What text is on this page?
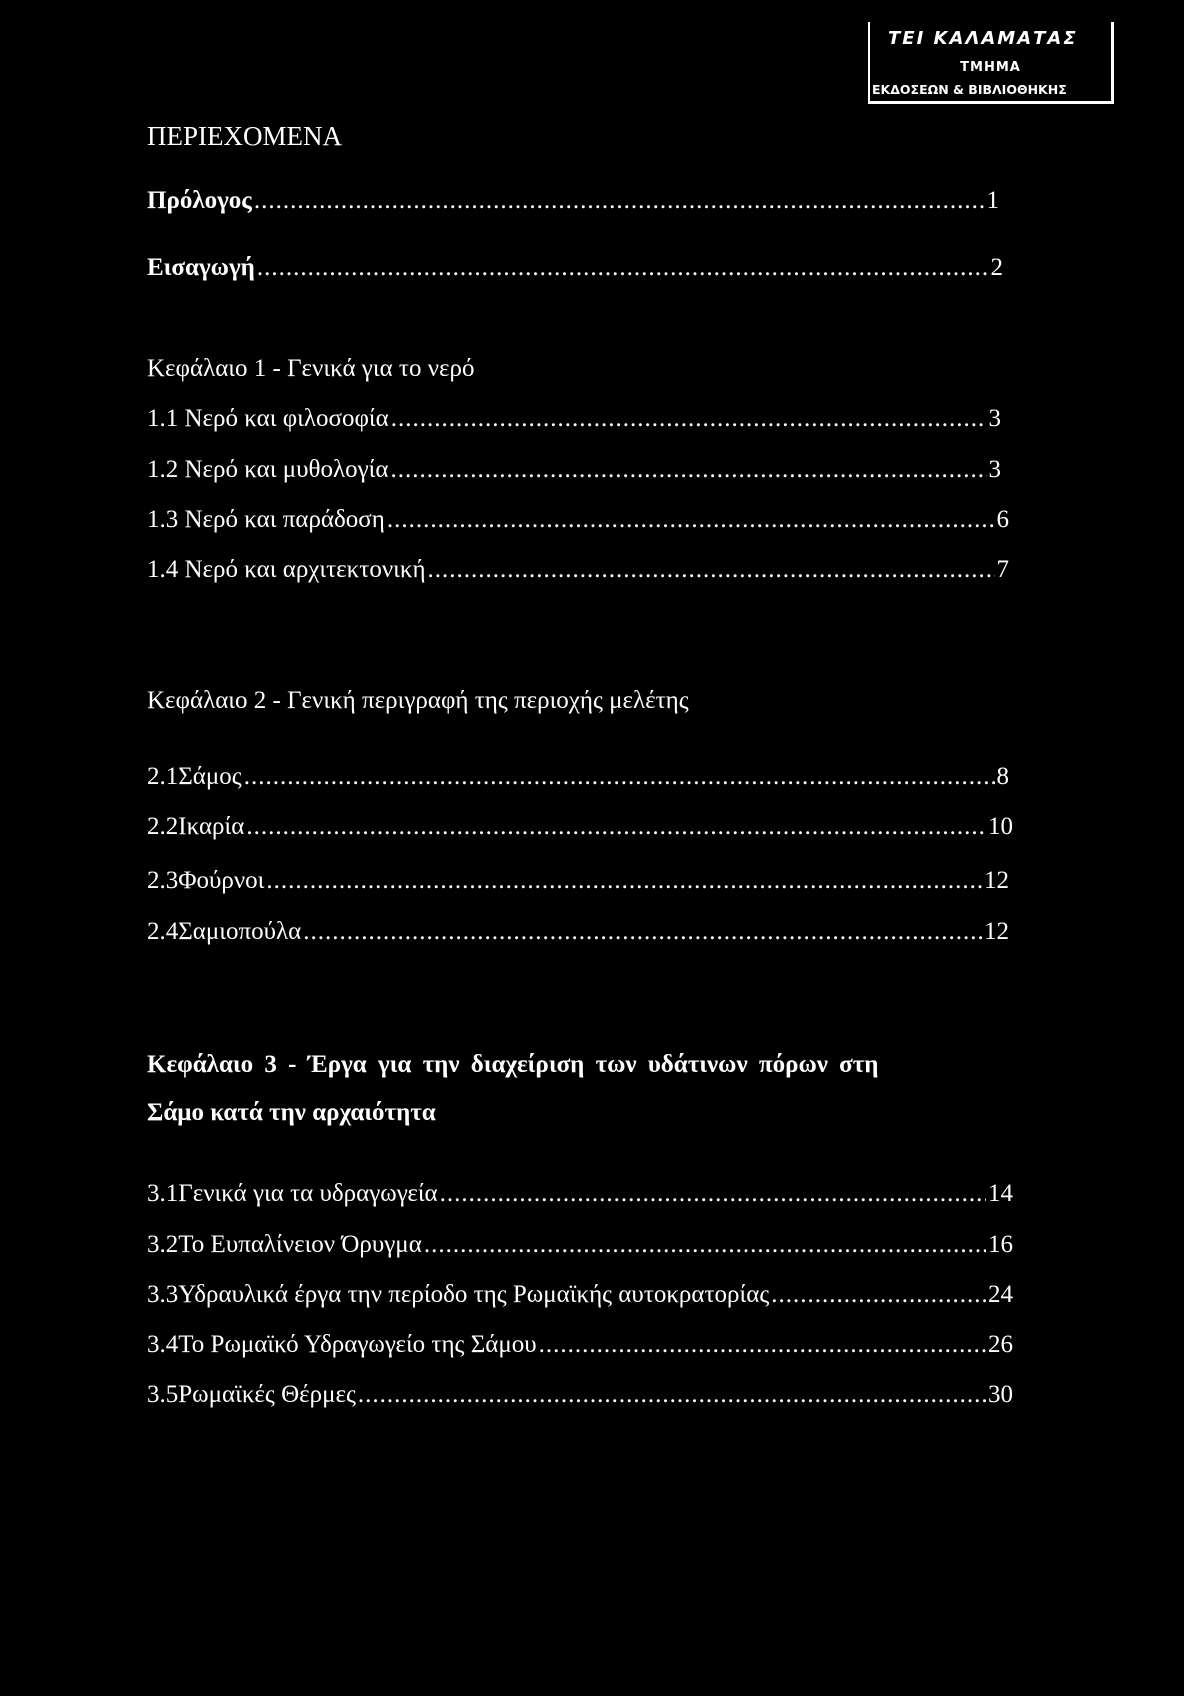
ΤΕΙ ΚΑΛΑΜΑΤΑΣ
ΤΜΗΜΑ
ΕΚΔΟΣΕΩΝ & ΒΙΒΛΙΟΘΗΚΗΣ
ΠΕΡΙΕΧΟΜΕΝΑ
Πρόλογος .....	1
Εισαγωγή .....	2
Κεφάλαιο 1 - Γενικά για το νερό
1.1 Νερό και φιλοσοφία .....	3
1.2 Νερό και μυθολογία .....	3
1.3 Νερό και παράδοση .....	6
1.4 Νερό και αρχιτεκτονική .....	7
Κεφάλαιο 2 - Γενική περιγραφή της περιοχής μελέτης
2.1 Σάμος .....	8
2.2 Ικαρία .....	10
2.3 Φούρνοι .....	12
2.4 Σαμιοπούλα .....	12
Κεφάλαιο 3 - Έργα για την διαχείριση των υδάτινων πόρων στη
Σάμο κατά την αρχαιότητα
3.1 Γενικά για τα υδραγωγεία .....	14
3.2 Το Ευπαλίνειον Όρυγμα .....	16
3.3 Υδραυλικά έργα την περίοδο της Ρωμαϊκής αυτοκρατορίας .....	24
3.4 Το Ρωμαϊκό Υδραγωγείο της Σάμου .....	26
3.5 Ρωμαϊκές Θέρμες .....	30
